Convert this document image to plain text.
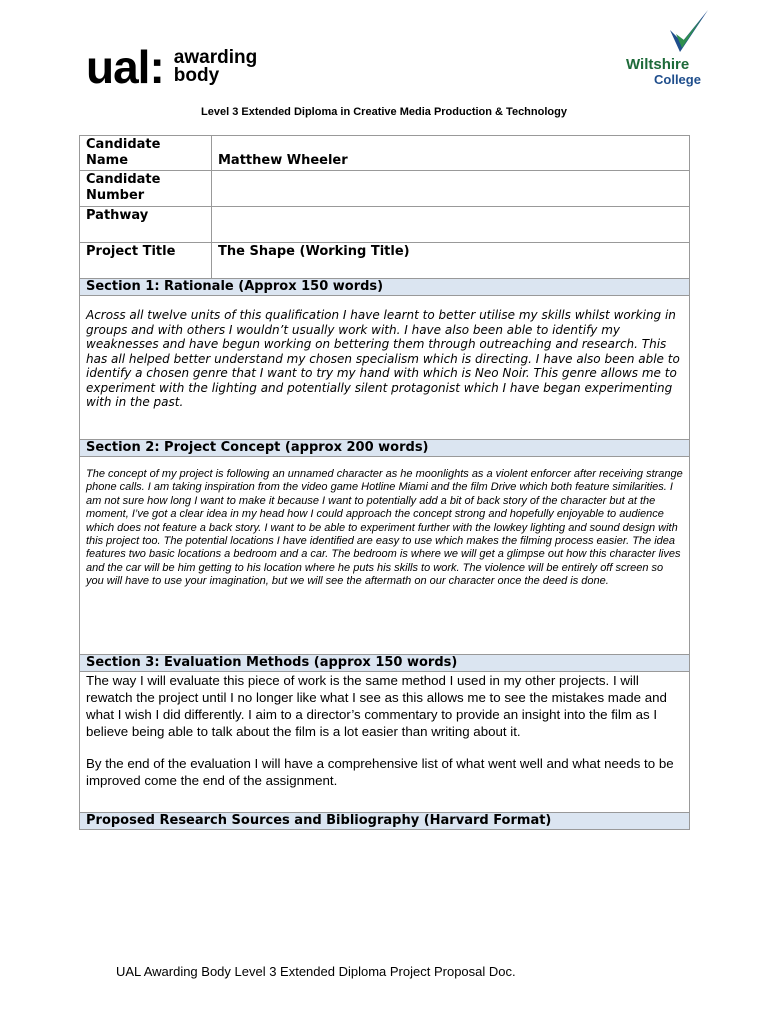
ual: awarding
body
Wiltshire
College
Level 3 Extended Diploma in Creative Media Production & Technology
Candidate Name	Matthew Wheeler
Candidate Number	
Pathway	
Project Title	The Shape (Working Title)
Section 1: Rationale (Approx 150 words)	
Across all twelve units of this qualification I have learnt to better utilise my skills whilst working in groups and with others I wouldn’t usually work with. I have also been able to identify my weaknesses and have begun working on bettering them through outreaching and research. This has all helped better understand my chosen specialism which is directing. I have also been able to identify a chosen genre that I want to try my hand with which is Neo Noir. This genre allows me to experiment with the lighting and potentially silent protagonist which I have began experimenting with in the past.	
Section 2: Project Concept (approx 200 words)	
The concept of my project is following an unnamed character as he moonlights as a violent enforcer after receiving strange phone calls. I am taking inspiration from the video game Hotline Miami and the film Drive which both feature similarities. I am not sure how long I want to make it because I want to potentially add a bit of back story of the character but at the moment, I’ve got a clear idea in my head how I could approach the concept strong and hopefully enjoyable to audience which does not feature a back story. I want to be able to experiment further with the lowkey lighting and sound design with this project too. The potential locations I have identified are easy to use which makes the filming process easier. The idea features two basic locations a bedroom and a car. The bedroom is where we will get a glimpse out how this character lives and the car will be him getting to his location where he puts his skills to work. The violence will be entirely off screen so you will have to use your imagination, but we will see the aftermath on our character once the deed is done.	
Section 3: Evaluation Methods (approx 150 words)	

The way I will evaluate this piece of work is the same method I used in my other projects. I will rewatch the project until I no longer like what I see as this allows me to see the mistakes made and what I wish I did differently. I aim to a director’s commentary to provide an insight into the film as I believe being able to talk about the film is a lot easier than writing about it.

By the end of the evaluation I will have a comprehensive list of what went well and what needs to be improved come the end of the assignment.	

Proposed Research Sources and Bibliography (Harvard Format)	
UAL Awarding Body Level 3 Extended Diploma Project Proposal Doc.
